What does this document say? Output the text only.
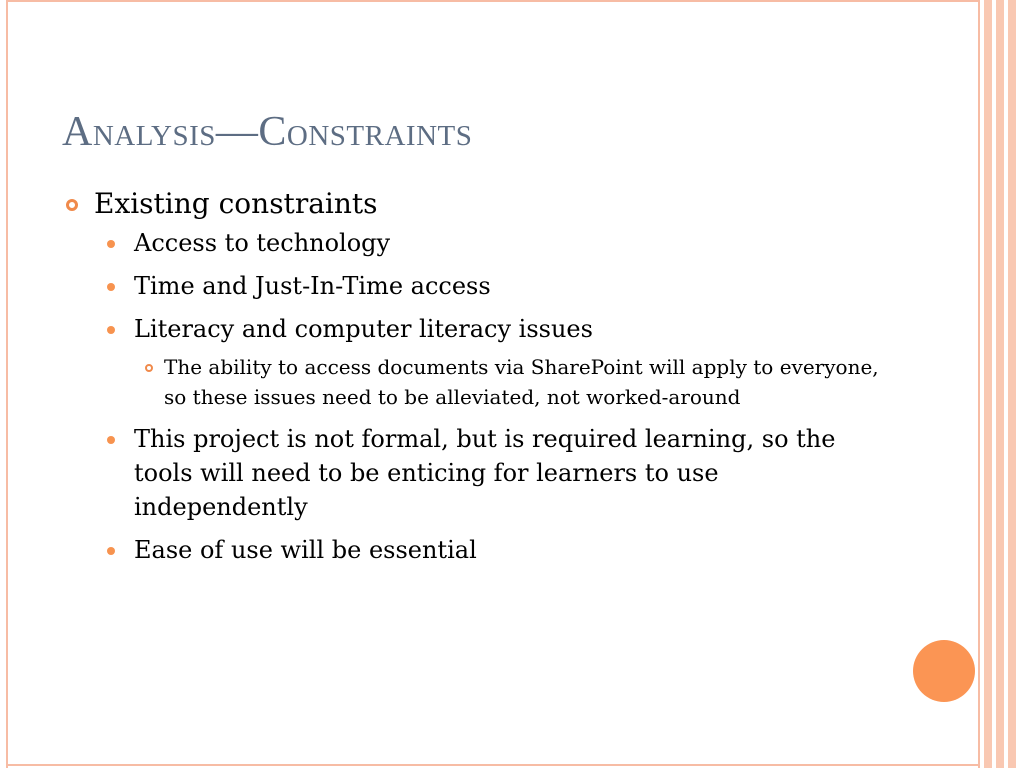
Analysis—Constraints
Existing constraints
Access to technology
Time and Just-In-Time access
Literacy and computer literacy issues
The ability to access documents via SharePoint will apply to everyone, so these issues need to be alleviated, not worked-around
This project is not formal, but is required learning, so the tools will need to be enticing for learners to use independently
Ease of use will be essential
